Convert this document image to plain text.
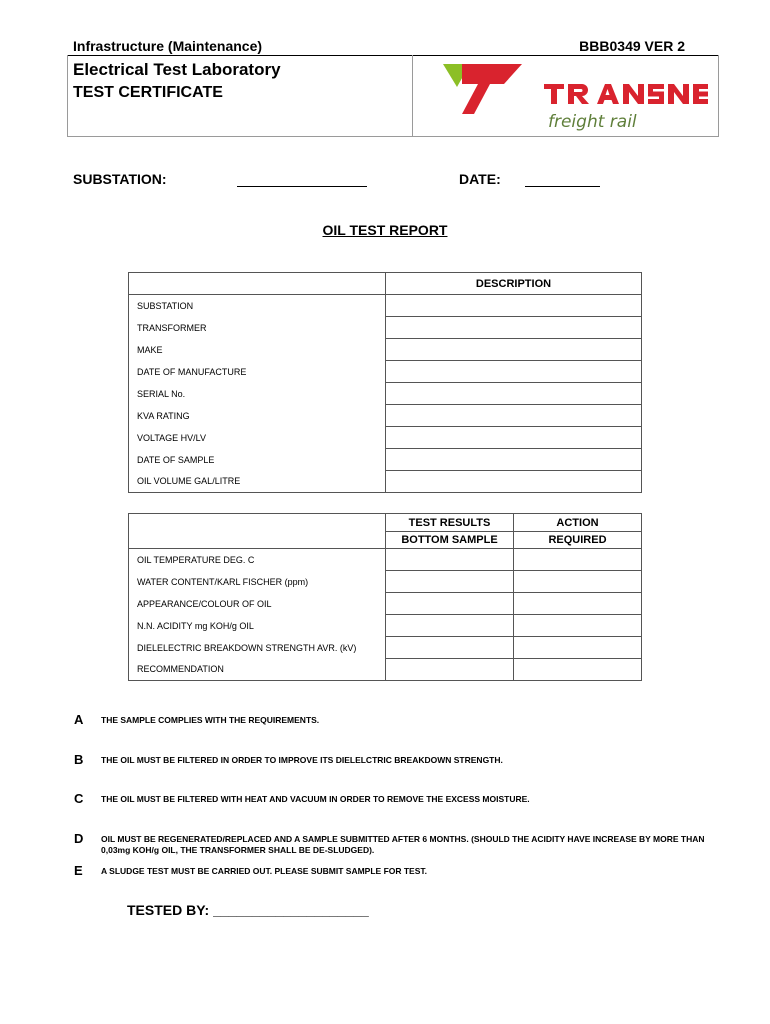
Infrastructure (Maintenance)	BBB0349 VER 2
Electrical Test Laboratory
TEST CERTIFICATE
freight rail
SUBSTATION:	DATE:
OIL TEST REPORT
	DESCRIPTION
SUBSTATION	
TRANSFORMER	
MAKE	
DATE OF MANUFACTURE	
SERIAL No.	
KVA RATING	
VOLTAGE HV/LV	
DATE OF SAMPLE	
OIL VOLUME GAL/LITRE	
	TEST RESULTS	ACTION
	BOTTOM SAMPLE	REQUIRED
OIL TEMPERATURE DEG. C		
WATER CONTENT/KARL FISCHER (ppm)		
APPEARANCE/COLOUR OF OIL		
N.N. ACIDITY mg KOH/g OIL		
DIELELECTRIC BREAKDOWN STRENGTH AVR. (kV)		
RECOMMENDATION		
A THE SAMPLE COMPLIES WITH THE REQUIREMENTS.
B THE OIL MUST BE FILTERED IN ORDER TO IMPROVE ITS DIELELCTRIC BREAKDOWN STRENGTH.
C THE OIL MUST BE FILTERED WITH HEAT AND VACUUM IN ORDER TO REMOVE THE EXCESS MOISTURE.
D OIL MUST BE REGENERATED/REPLACED AND A SAMPLE SUBMITTED AFTER 6 MONTHS. (SHOULD THE ACIDITY HAVE INCREASE BY MORE THAN 0,03mg KOH/g OIL, THE TRANSFORMER SHALL BE DE-SLUDGED).
E A SLUDGE TEST MUST BE CARRIED OUT. PLEASE SUBMIT SAMPLE FOR TEST.
TESTED BY: ____________________
